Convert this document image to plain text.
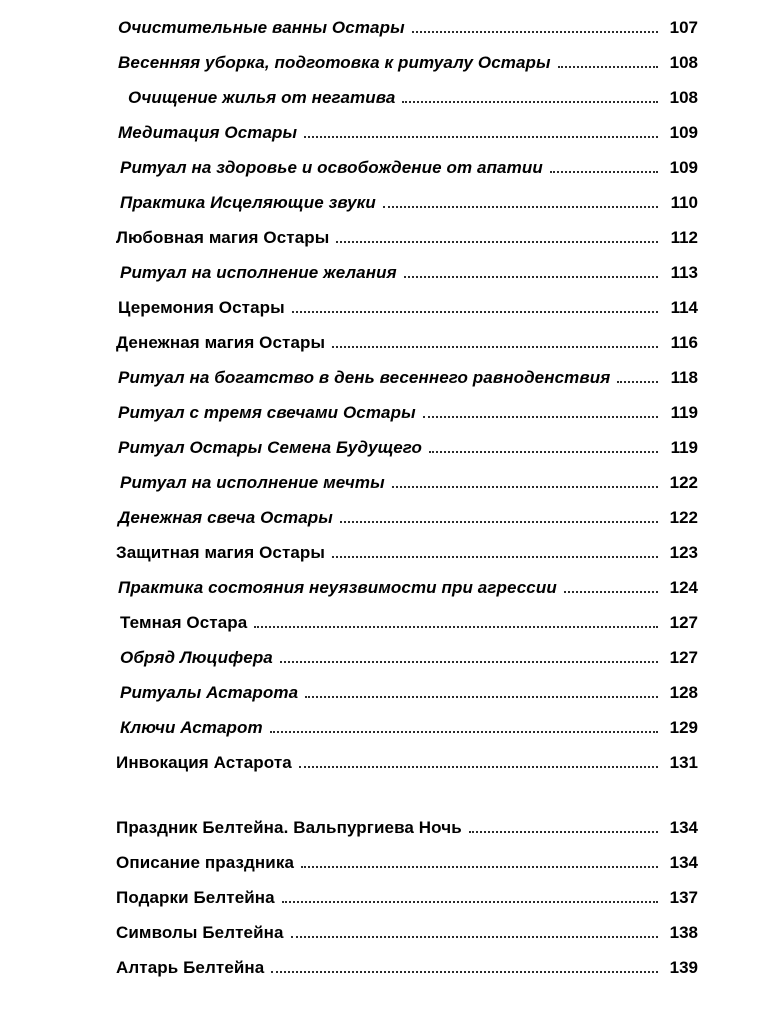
Очистительные ванны Остары	107
Весенняя уборка, подготовка к ритуалу Остары	108
Очищение жилья от негатива	108
Медитация Остары	109
Ритуал на здоровье и освобождение от апатии	109
Практика Исцеляющие звуки	110
Любовная магия Остары	112
Ритуал на исполнение желания	113
Церемония Остары	114
Денежная магия Остары	116
Ритуал на богатство в день весеннего равноденствия	118
Ритуал с тремя свечами Остары	119
Ритуал Остары Семена Будущего	119
Ритуал на исполнение мечты	122
Денежная свеча Остары	122
Защитная магия Остары	123
Практика состояния неуязвимости при агрессии	124
Темная Остара	127
Обряд Люцифера	127
Ритуалы Астарота	128
Ключи Астарот	129
Инвокация Астарота	131
Праздник Белтейна. Вальпургиева Ночь	134
Описание праздника	134
Подарки Белтейна	137
Символы Белтейна	138
Алтарь Белтейна	139
